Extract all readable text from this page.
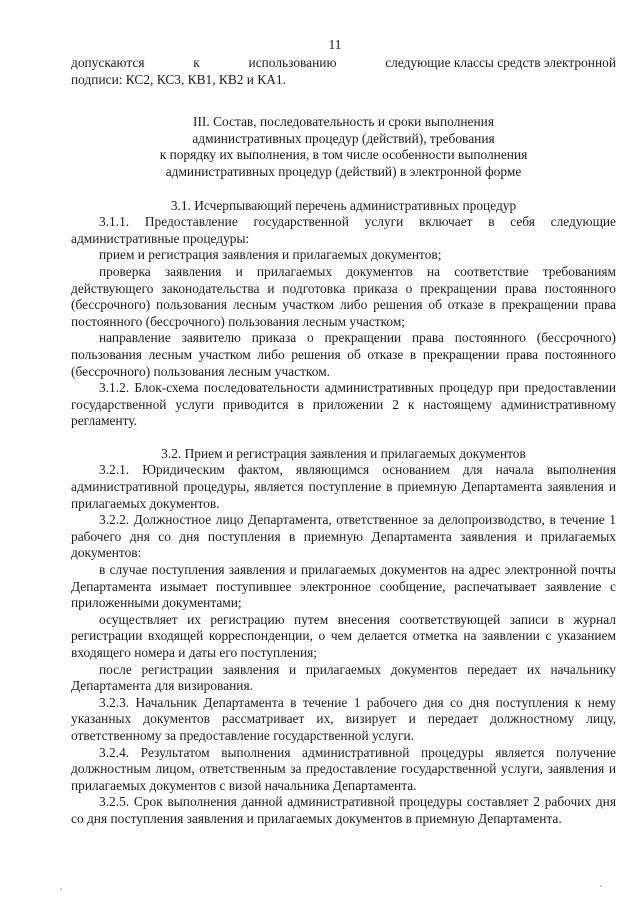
11
допускаются	к	использованию	следующие классы средств электронной

подписи: КС2, КС3, КВ1, КВ2 и КА1.

III. Состав, последовательность и сроки выполнения
административных процедур (действий), требования
к порядку их выполнения, в том числе особенности выполнения
административных процедур (действий) в электронной форме
3.1. Исчерпывающий перечень административных процедур

3.1.1. Предоставление государственной услуги включает в себя следующие административные процедуры:

прием и регистрация заявления и прилагаемых документов;

проверка заявления и прилагаемых документов на соответствие требованиям действующего законодательства и подготовка приказа о прекращении права постоянного (бессрочного) пользования лесным участком либо решения об отказе в прекращении права постоянного (бессрочного) пользования лесным участком;

направление заявителю приказа о прекращении права постоянного (бессрочного) пользования лесным участком либо решения об отказе в прекращении права постоянного (бессрочного) пользования лесным участком.

3.1.2. Блок-схема последовательности административных процедур при предоставлении государственной услуги приводится в приложении 2 к настоящему административному регламенту.

3.2. Прием и регистрация заявления и прилагаемых документов

3.2.1. Юридическим фактом, являющимся основанием для начала выполнения административной процедуры, является поступление в приемную Департамента заявления и прилагаемых документов.

3.2.2. Должностное лицо Департамента, ответственное за делопроизводство, в течение 1 рабочего дня со дня поступления в приемную Департамента заявления и прилагаемых документов:

в случае поступления заявления и прилагаемых документов на адрес электронной почты Департамента изымает поступившее электронное сообщение, распечатывает заявление с приложенными документами;

осуществляет их регистрацию путем внесения соответствующей записи в журнал регистрации входящей корреспонденции, о чем делается отметка на заявлении с указанием входящего номера и даты его поступления;

после регистрации заявления и прилагаемых документов передает их начальнику Департамента для визирования.

3.2.3. Начальник Департамента в течение 1 рабочего дня со дня поступления к нему указанных документов рассматривает их, визирует и передает должностному лицу, ответственному за предоставление государственной услуги.

3.2.4. Результатом выполнения административной процедуры является получение должностным лицом, ответственным за предоставление государственной услуги, заявления и прилагаемых документов с визой начальника Департамента.

3.2.5. Срок выполнения данной административной процедуры составляет 2 рабочих дня со дня поступления заявления и прилагаемых документов в приемную Департамента.
